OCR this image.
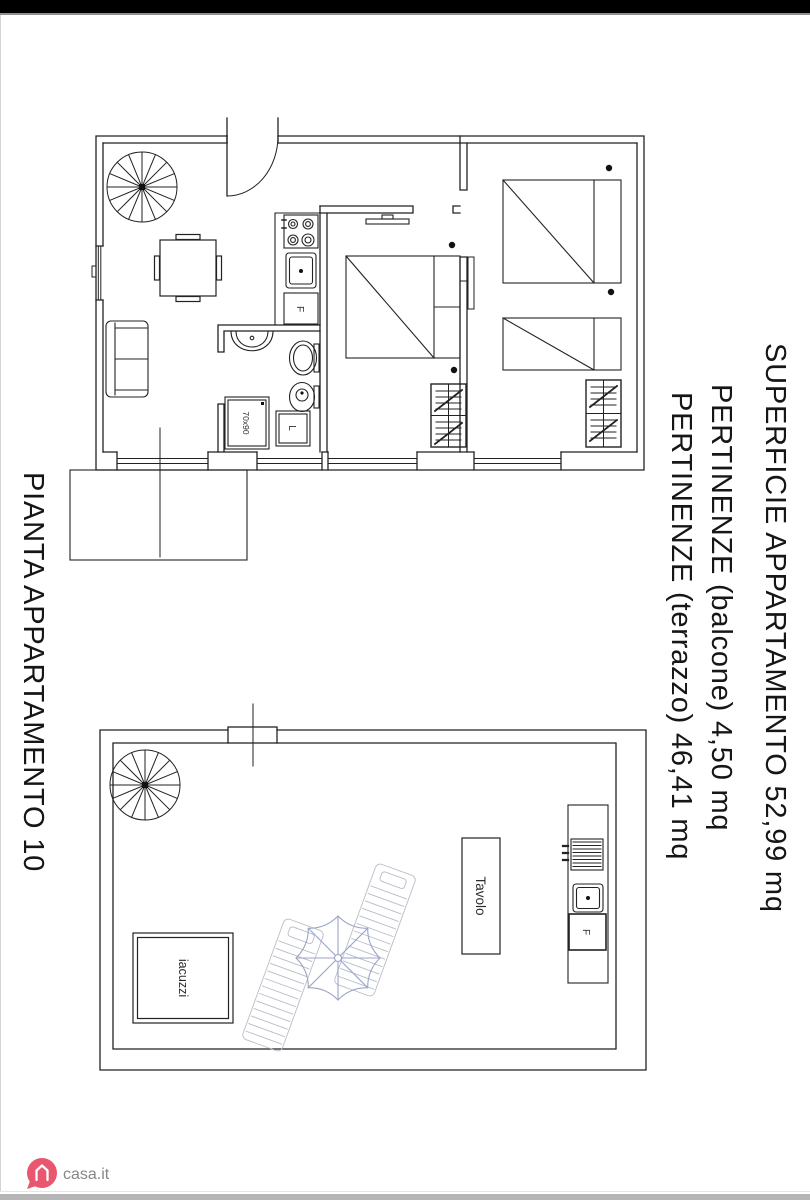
PIANTA APPARTAMENTO 10	SUPERFICIE APPARTAMENTO 52,99 mq
PERTINENZE (balcone) 4,50 mq
PERTINENZE (terrazzo) 46,41 mq
70x90
F
L
iacuzzi
Tavolo
F
casa.it
